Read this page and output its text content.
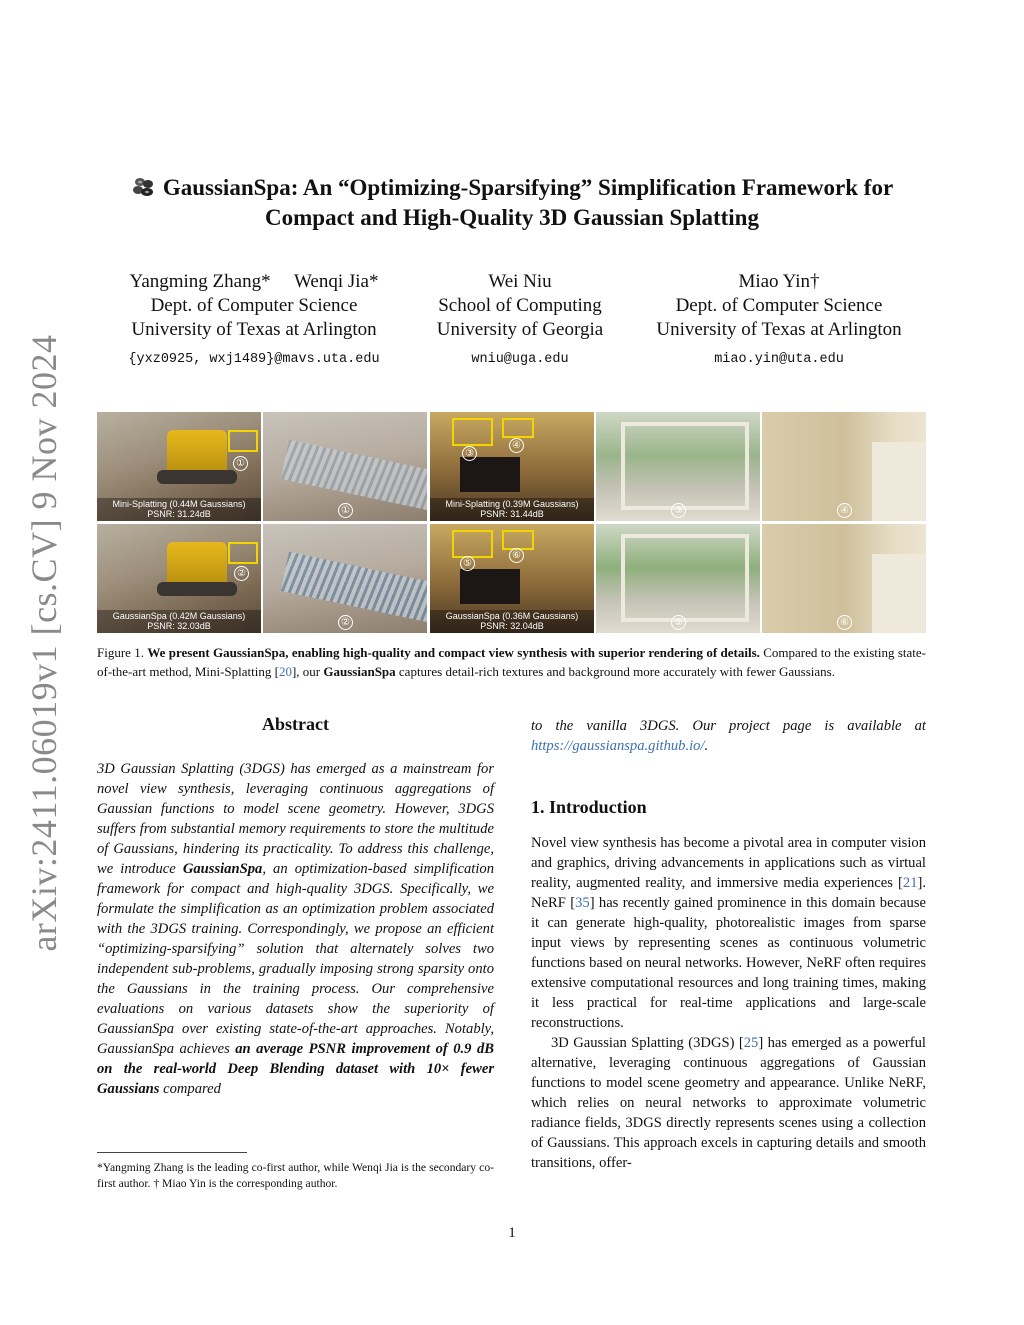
arXiv:2411.06019v1 [cs.CV] 9 Nov 2024
GaussianSpa: An “Optimizing-Sparsifying” Simplification Framework for
Compact and High-Quality 3D Gaussian Splatting
Yangming Zhang*     Wenqi Jia*
Dept. of Computer Science
University of Texas at Arlington
{yxz0925, wxj1489}@mavs.uta.edu
Wei Niu
School of Computing
University of Georgia
wniu@uga.edu
Miao Yin†
Dept. of Computer Science
University of Texas at Arlington
miao.yin@uta.edu
①
Mini-Splatting (0.44M Gaussians)
PSNR: 31.24dB	①
③
④
Mini-Splatting (0.39M Gaussians)
PSNR: 31.44dB	③	④
②
GaussianSpa (0.42M Gaussians)
PSNR: 32.03dB	②
⑤
⑥
GaussianSpa (0.36M Gaussians)
PSNR: 32.04dB	⑤	⑥
Figure 1. We present GaussianSpa, enabling high-quality and compact view synthesis with superior rendering of details. Compared to the existing state-of-the-art method, Mini-Splatting [20], our GaussianSpa captures detail-rich textures and background more accurately with fewer Gaussians.
Abstract
3D Gaussian Splatting (3DGS) has emerged as a mainstream for novel view synthesis, leveraging continuous aggregations of Gaussian functions to model scene geometry. However, 3DGS suffers from substantial memory requirements to store the multitude of Gaussians, hindering its practicality. To address this challenge, we introduce GaussianSpa, an optimization-based simplification framework for compact and high-quality 3DGS. Specifically, we formulate the simplification as an optimization problem associated with the 3DGS training. Correspondingly, we propose an efficient “optimizing-sparsifying” solution that alternately solves two independent sub-problems, gradually imposing strong sparsity onto the Gaussians in the training process. Our comprehensive evaluations on various datasets show the superiority of GaussianSpa over existing state-of-the-art approaches. Notably, GaussianSpa achieves an average PSNR improvement of 0.9 dB on the real-world Deep Blending dataset with 10× fewer Gaussians compared
*Yangming Zhang is the leading co-first author, while Wenqi Jia is the secondary co-first author. † Miao Yin is the corresponding author.
to the vanilla 3DGS. Our project page is available at https://gaussianspa.github.io/.
1. Introduction

Novel view synthesis has become a pivotal area in computer vision and graphics, driving advancements in applications such as virtual reality, augmented reality, and immersive media experiences [21]. NeRF [35] has recently gained prominence in this domain because it can generate high-quality, photorealistic images from sparse input views by representing scenes as continuous volumetric functions based on neural networks. However, NeRF often requires extensive computational resources and long training times, making it less practical for real-time applications and large-scale reconstructions.

3D Gaussian Splatting (3DGS) [25] has emerged as a powerful alternative, leveraging continuous aggregations of Gaussian functions to model scene geometry and appearance. Unlike NeRF, which relies on neural networks to approximate volumetric radiance fields, 3DGS directly represents scenes using a collection of Gaussians. This approach excels in capturing details and smooth transitions, offer-

1
